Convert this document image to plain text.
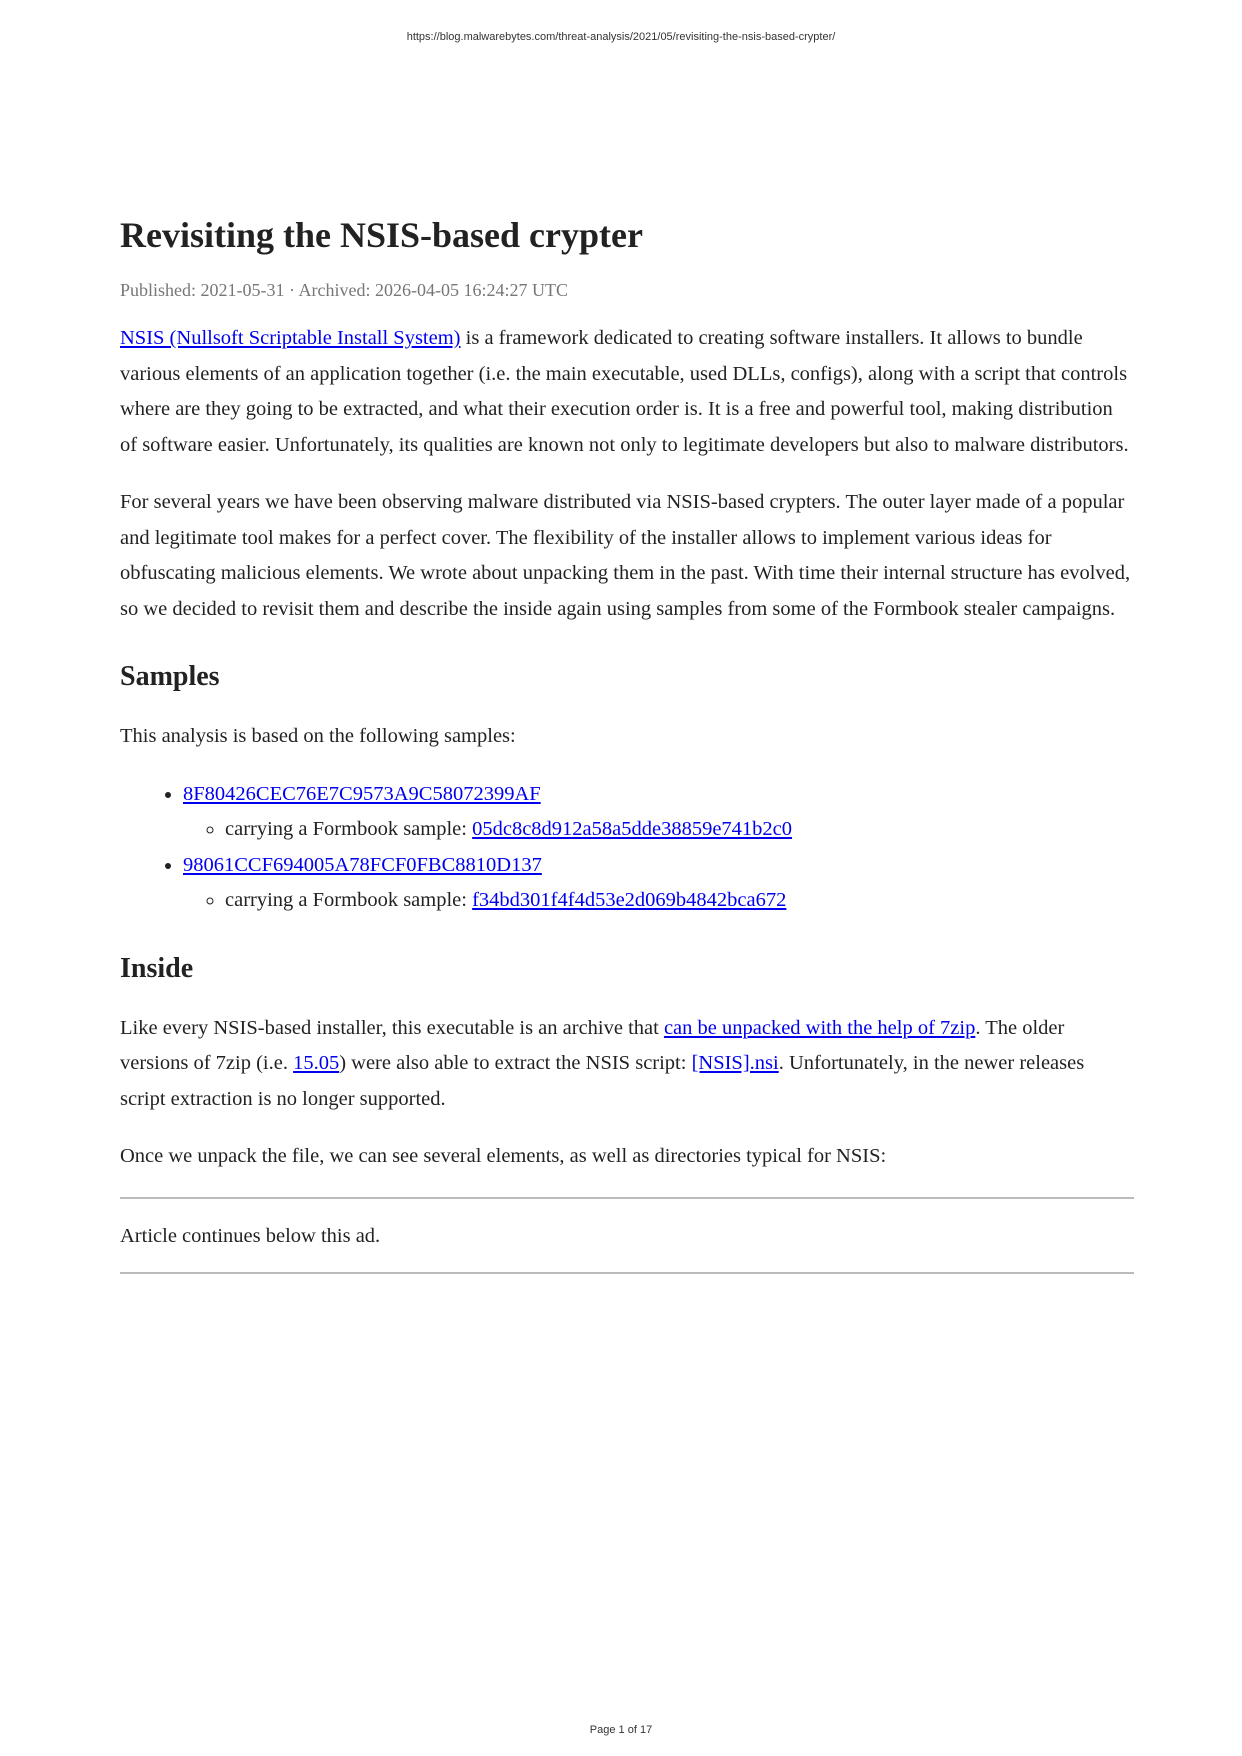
https://blog.malwarebytes.com/threat-analysis/2021/05/revisiting-the-nsis-based-crypter/
Revisiting the NSIS-based crypter
Published: 2021-05-31 · Archived: 2026-04-05 16:24:27 UTC

NSIS (Nullsoft Scriptable Install System) is a framework dedicated to creating software installers. It allows to bundle various elements of an application together (i.e. the main executable, used DLLs, configs), along with a script that controls where are they going to be extracted, and what their execution order is. It is a free and powerful tool, making distribution of software easier. Unfortunately, its qualities are known not only to legitimate developers but also to malware distributors.

For several years we have been observing malware distributed via NSIS-based crypters. The outer layer made of a popular and legitimate tool makes for a perfect cover. The flexibility of the installer allows to implement various ideas for obfuscating malicious elements. We wrote about unpacking them in the past. With time their internal structure has evolved, so we decided to revisit them and describe the inside again using samples from some of the Formbook stealer campaigns.

Samples

This analysis is based on the following samples:

• 8F80426CEC76E7C9573A9C58072399AF
◦ carrying a Formbook sample: 05dc8c8d912a58a5dde38859e741b2c0
• 98061CCF694005A78FCF0FBC8810D137
◦ carrying a Formbook sample: f34bd301f4f4d53e2d069b4842bca672
Inside

Like every NSIS-based installer, this executable is an archive that can be unpacked with the help of 7zip. The older versions of 7zip (i.e. 15.05) were also able to extract the NSIS script: [NSIS].nsi. Unfortunately, in the newer releases script extraction is no longer supported.

Once we unpack the file, we can see several elements, as well as directories typical for NSIS:

Article continues below this ad.
Page 1 of 17
